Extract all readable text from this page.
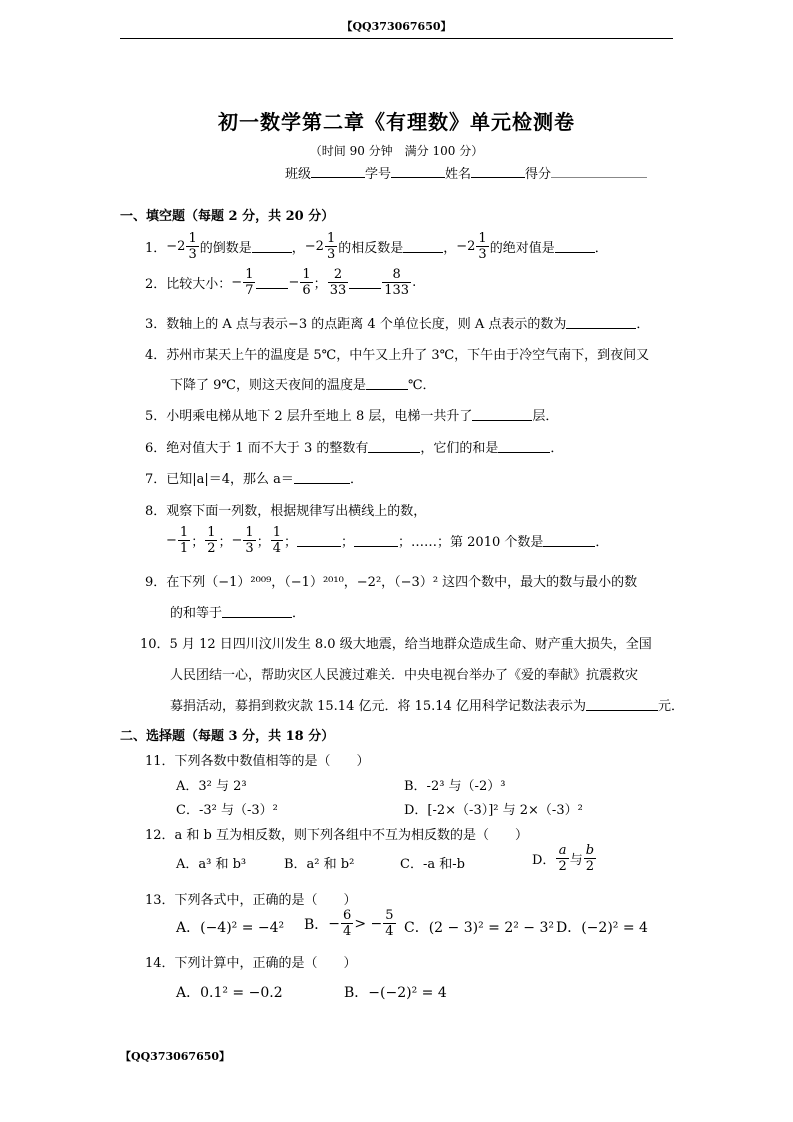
【QQ373067650】
初一数学第二章《有理数》单元检测卷
（时间 90 分钟　满分 100 分）
班级	学号	姓名	得分
一、填空题（每题 2 分，共 20 分）
1． $-2 \frac{1}{3}$ 的倒数是	， $-2 \frac{1}{3}$ 的相反数是	， $-2 \frac{1}{3}$ 的绝对值是	．
2． 比较大小： − $\frac{1}{7}$	− $\frac{1}{6}$ ； $\frac{2}{33}$	$\frac{8}{133}$ .
3．数轴上的 A 点与表示−3 的点距离 4 个单位长度，则 A 点表示的数为	．
4．苏州市某天上午的温度是 5℃，中午又上升了 3℃，下午由于冷空气南下，到夜间又
下降了 9℃，则这天夜间的温度是	℃．
5．小明乘电梯从地下 2 层升至地上 8 层，电梯一共升了	层．
6．绝对值大于 1 而不大于 3 的整数有	，它们的和是	．
7．已知|a|＝4，那么 a＝	．
8．观察下面一列数，根据规律写出横线上的数，
− $\frac{1}{1}$ ； $\frac{1}{2}$ ； − $\frac{1}{3}$ ； $\frac{1}{4}$ ；	；	；……；第 2010 个数是	．
9．在下列（−1）²⁰⁰⁹，（−1）²⁰¹⁰，−2²，（−3）² 这四个数中，最大的数与最小的数
的和等于	．
10．5 月 12 日四川汶川发生 8.0 级大地震，给当地群众造成生命、财产重大损失，全国
人民团结一心，帮助灾区人民渡过难关．中央电视台举办了《爱的奉献》抗震救灾
募捐活动，募捐到救灾款 15.14 亿元．将 15.14 亿用科学记数法表示为	元．
二、选择题（每题 3 分，共 18 分）
11．下列各数中数值相等的是（　　）
A．3² 与 2³	B．-2³ 与（-2）³
C．-3² 与（-3）²	D．[-2×（-3）]² 与 2×（-3）²
12．a 和 b 互为相反数，则下列各组中不互为相反数的是（　　）
A．a³ 和 b³	B．a² 和 b²	C．-a 和-b	D． $\frac{a}{2}$ 与 $\frac{b}{2}$
13．下列各式中，正确的是（　　）
A．(−4)² = −4² B． − $\frac{6}{4}$ > − $\frac{5}{4}$ C．(2 − 3)² = 2² − 3² D．(−2)² = 4
14．下列计算中，正确的是（　　）
A．0.1² = −0.2	B．−(−2)² = 4
【QQ373067650】
